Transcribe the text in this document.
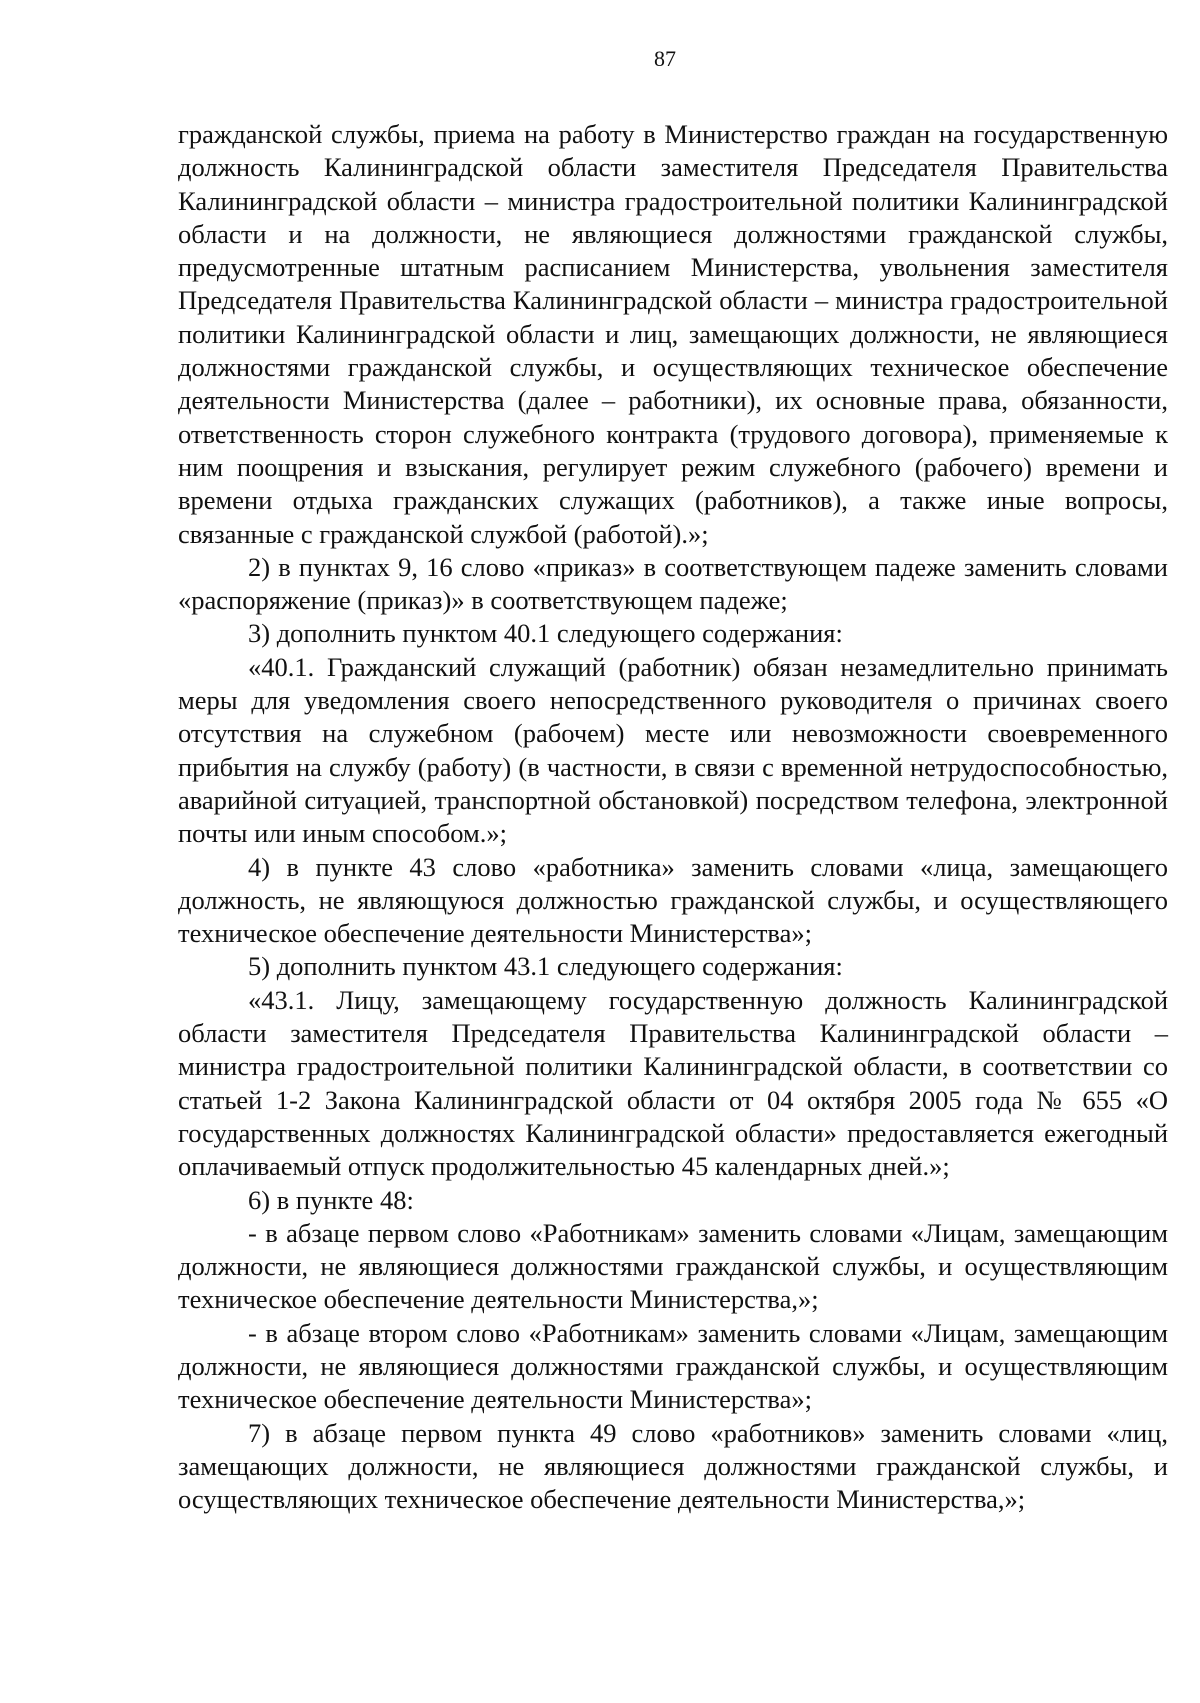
87

гражданской службы, приема на работу в Министерство граждан на государственную должность Калининградской области заместителя Председателя Правительства Калининградской области – министра градостроительной политики Калининградской области и на должности, не являющиеся должностями гражданской службы, предусмотренные штатным расписанием Министерства, увольнения заместителя Председателя Правительства Калининградской области – министра градостроительной политики Калининградской области и лиц, замещающих должности, не являющиеся должностями гражданской службы, и осуществляющих техническое обеспечение деятельности Министерства (далее – работники), их основные права, обязанности, ответственность сторон служебного контракта (трудового договора), применяемые к ним поощрения и взыскания, регулирует режим служебного (рабочего) времени и времени отдыха гражданских служащих (работников), а также иные вопросы, связанные с гражданской службой (работой).»;

2) в пунктах 9, 16 слово «приказ» в соответствующем падеже заменить словами «распоряжение (приказ)» в соответствующем падеже;

3) дополнить пунктом 40.1 следующего содержания:

«40.1. Гражданский служащий (работник) обязан незамедлительно принимать меры для уведомления своего непосредственного руководителя о причинах своего отсутствия на служебном (рабочем) месте или невозможности своевременного прибытия на службу (работу) (в частности, в связи с временной нетрудоспособностью, аварийной ситуацией, транспортной обстановкой) посредством телефона, электронной почты или иным способом.»;

4) в пункте 43 слово «работника» заменить словами «лица, замещающего должность, не являющуюся должностью гражданской службы, и осуществляющего техническое обеспечение деятельности Министерства»;

5) дополнить пунктом 43.1 следующего содержания:

«43.1. Лицу, замещающему государственную должность Калининградской области заместителя Председателя Правительства Калининградской области – министра градостроительной политики Калининградской области, в соответствии со статьей 1-2 Закона Калининградской области от 04 октября 2005 года № 655 «О государственных должностях Калининградской области» предоставляется ежегодный оплачиваемый отпуск продолжительностью 45 календарных дней.»;

6) в пункте 48:

- в абзаце первом слово «Работникам» заменить словами «Лицам, замещающим должности, не являющиеся должностями гражданской службы, и осуществляющим техническое обеспечение деятельности Министерства,»;

- в абзаце втором слово «Работникам» заменить словами «Лицам, замещающим должности, не являющиеся должностями гражданской службы, и осуществляющим техническое обеспечение деятельности Министерства»;

7) в абзаце первом пункта 49 слово «работников» заменить словами «лиц, замещающих должности, не являющиеся должностями гражданской службы, и осуществляющих техническое обеспечение деятельности Министерства,»;
